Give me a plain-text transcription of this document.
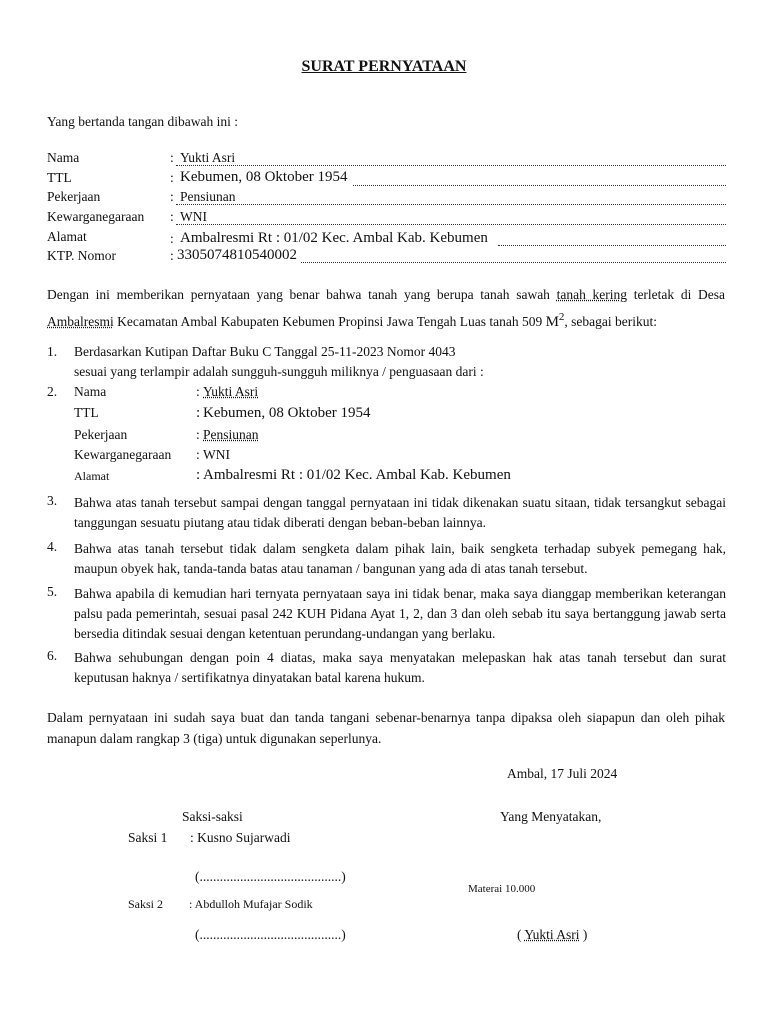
SURAT PERNYATAAN
Yang bertanda tangan dibawah ini :
Nama	: Yukti Asri
TTL	: Kebumen, 08 Oktober 1954
Pekerjaan	: Pensiunan
Kewarganegaraan : WNI
Alamat	: Ambalresmi Rt : 01/02 Kec. Ambal Kab. Kebumen
KTP. Nomor	: 3305074810540002
Dengan ini memberikan pernyataan yang benar bahwa tanah yang berupa tanah sawah tanah kering terletak di Desa Ambalresmi Kecamatan Ambal Kabupaten Kebumen Propinsi Jawa Tengah Luas tanah 509 $M^2$, sebagai berikut:
1. Berdasarkan Kutipan Daftar Buku C Tanggal 25-11-2023 Nomor 4043
sesuai yang terlampir adalah sungguh-sungguh miliknya / penguasaan dari :
2. Nama	: Yukti Asri
TTL	: Kebumen, 08 Oktober 1954
Pekerjaan	: Pensiunan
Kewarganegaraan : WNI
Alamat	: Ambalresmi Rt : 01/02 Kec. Ambal Kab. Kebumen
3. Bahwa atas tanah tersebut sampai dengan tanggal pernyataan ini tidak dikenakan suatu sitaan, tidak tersangkut sebagai tanggungan sesuatu piutang atau tidak diberati dengan beban-beban lainnya.
4. Bahwa atas tanah tersebut tidak dalam sengketa dalam pihak lain, baik sengketa terhadap subyek pemegang hak, maupun obyek hak, tanda-tanda batas atau tanaman / bangunan yang ada di atas tanah tersebut.
5. Bahwa apabila di kemudian hari ternyata pernyataan saya ini tidak benar, maka saya dianggap memberikan keterangan palsu pada pemerintah, sesuai pasal 242 KUH Pidana Ayat 1, 2, dan 3 dan oleh sebab itu saya bertanggung jawab serta bersedia ditindak sesuai dengan ketentuan perundang-undangan yang berlaku.
6. Bahwa sehubungan dengan poin 4 diatas, maka saya menyatakan melepaskan hak atas tanah tersebut dan surat keputusan haknya / sertifikatnya dinyatakan batal karena hukum.
Dalam pernyataan ini sudah saya buat dan tanda tangani sebenar-benarnya tanpa dipaksa oleh siapapun dan oleh pihak manapun dalam rangkap 3 (tiga) untuk digunakan seperlunya.
Ambal, 17 Juli 2024
Saksi-saksi
Saksi 1 : Kusno Sujarwadi
(..........................................)
Saksi 2 : Abdulloh Mufajar Sodik
(..........................................)
Yang Menyatakan,
Materai 10.000
( Yukti Asri )
